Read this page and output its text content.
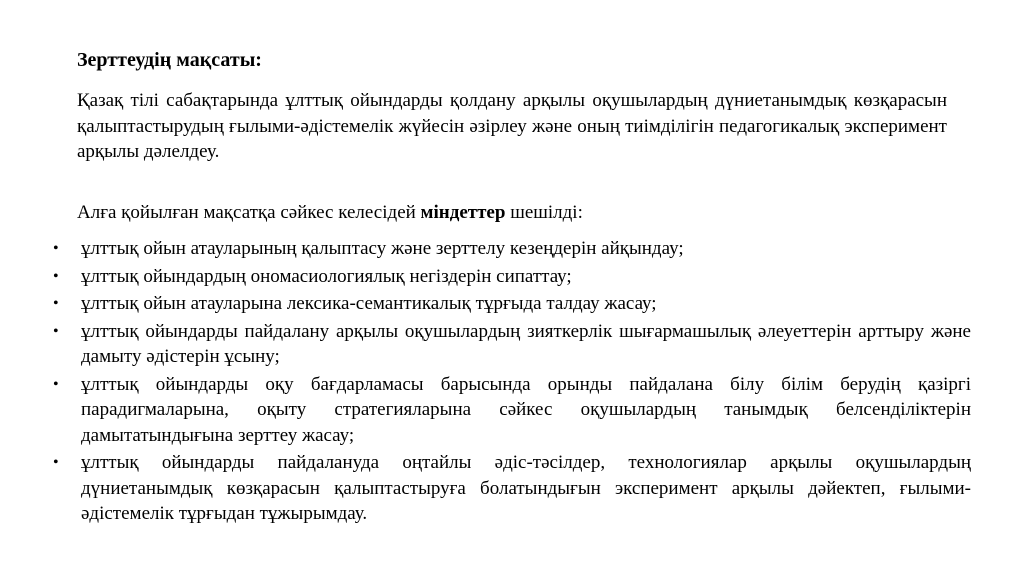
Зерттеудің мақсаты:
Қазақ тілі сабақтарында ұлттық ойындарды қолдану арқылы оқушылардың дүниетанымдық көзқарасын қалыптастырудың ғылыми-әдістемелік жүйесін әзірлеу және оның тиімділігін педагогикалық эксперимент арқылы дәлелдеу.
Алға қойылған мақсатқа сәйкес келесідей міндеттер шешілді:
• ұлттық ойын атауларының қалыптасу және зерттелу кезеңдерін айқындау;
• ұлттық ойындардың ономасиологиялық негіздерін сипаттау;
• ұлттық ойын атауларына лексика-семантикалық тұрғыда талдау жасау;
• ұлттық ойындарды пайдалану арқылы оқушылардың зияткерлік шығармашылық әлеуеттерін арттыру және дамыту әдістерін ұсыну;
• ұлттық ойындарды оқу бағдарламасы барысында орынды пайдалана білу білім берудің қазіргі парадигмаларына, оқыту стратегияларына сәйкес оқушылардың танымдық белсенділіктерін дамытатындығына зерттеу жасау;
• ұлттық ойындарды пайдалануда оңтайлы әдіс-тәсілдер, технологиялар арқылы оқушылардың дүниетанымдық көзқарасын қалыптастыруға болатындығын эксперимент арқылы дәйектеп, ғылыми-әдістемелік тұрғыдан тұжырымдау.
